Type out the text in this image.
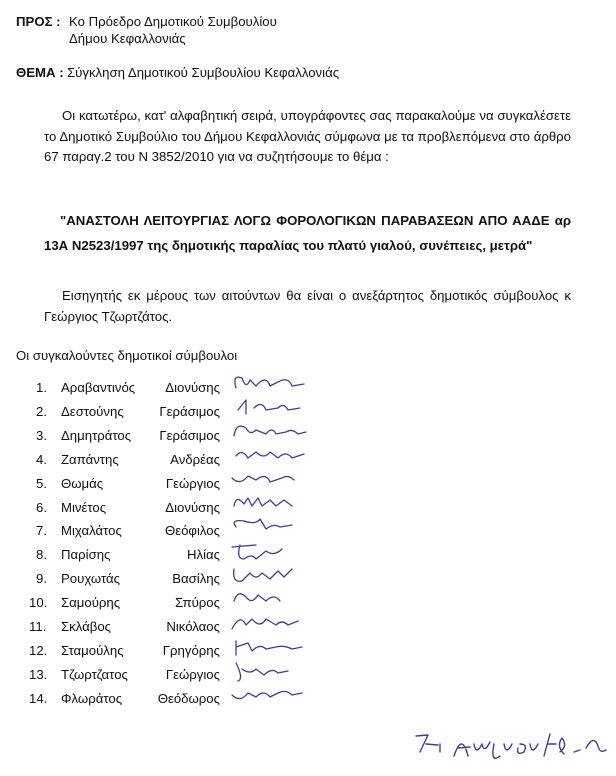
ΠΡΟΣ : Κο Πρόεδρο Δημοτικού Συμβουλίου
Δήμου Κεφαλλονιάς
ΘΕΜΑ : Σύγκληση Δημοτικού Συμβουλίου Κεφαλλονιάς
Οι κατωτέρω, κατ' αλφαβητική σειρά, υπογράφοντες σας παρακαλούμε να συγκαλέσετε το Δημοτικό Συμβούλιο του Δήμου Κεφαλλονιάς σύμφωνα με τα προβλεπόμενα στο άρθρο 67 παραγ.2 του Ν 3852/2010 για να συζητήσουμε το θέμα :
"ΑΝΑΣΤΟΛΗ ΛΕΙΤΟΥΡΓΙΑΣ ΛΟΓΩ ΦΟΡΟΛΟΓΙΚΩΝ ΠΑΡΑΒΑΣΕΩΝ ΑΠΟ ΑΑΔΕ αρ 13Α Ν2523/1997 της δημοτικής παραλίας του πλατύ γιαλού, συνέπειες, μετρά"
Εισηγητής εκ μέρους των αιτούντων θα είναι ο ανεξάρτητος δημοτικός σύμβουλος κ Γεώργιος Τζωρτζάτος.
Οι συγκαλούντες δημοτικοί σύμβουλοι
1. Αραβαντινός Διονύσης
2. Δεστούνης	Γεράσιμος
3. Δημητράτος Γεράσιμος
4. Ζαπάντης	Ανδρέας
5. Θωμάς	Γεώργιος
6. Μινέτος	Διονύσης
7. Μιχαλάτος	Θεόφιλος
8. Παρίσης	Ηλίας
9. Ρουχωτάς	Βασίλης
10. Σαμούρης	Σπύρος
11. Σκλάβος	Νικόλαος
12. Σταμούλης	Γρηγόρης
13. Τζωρτζατος	Γεώργιος
14. Φλωράτος	Θεόδωρος
